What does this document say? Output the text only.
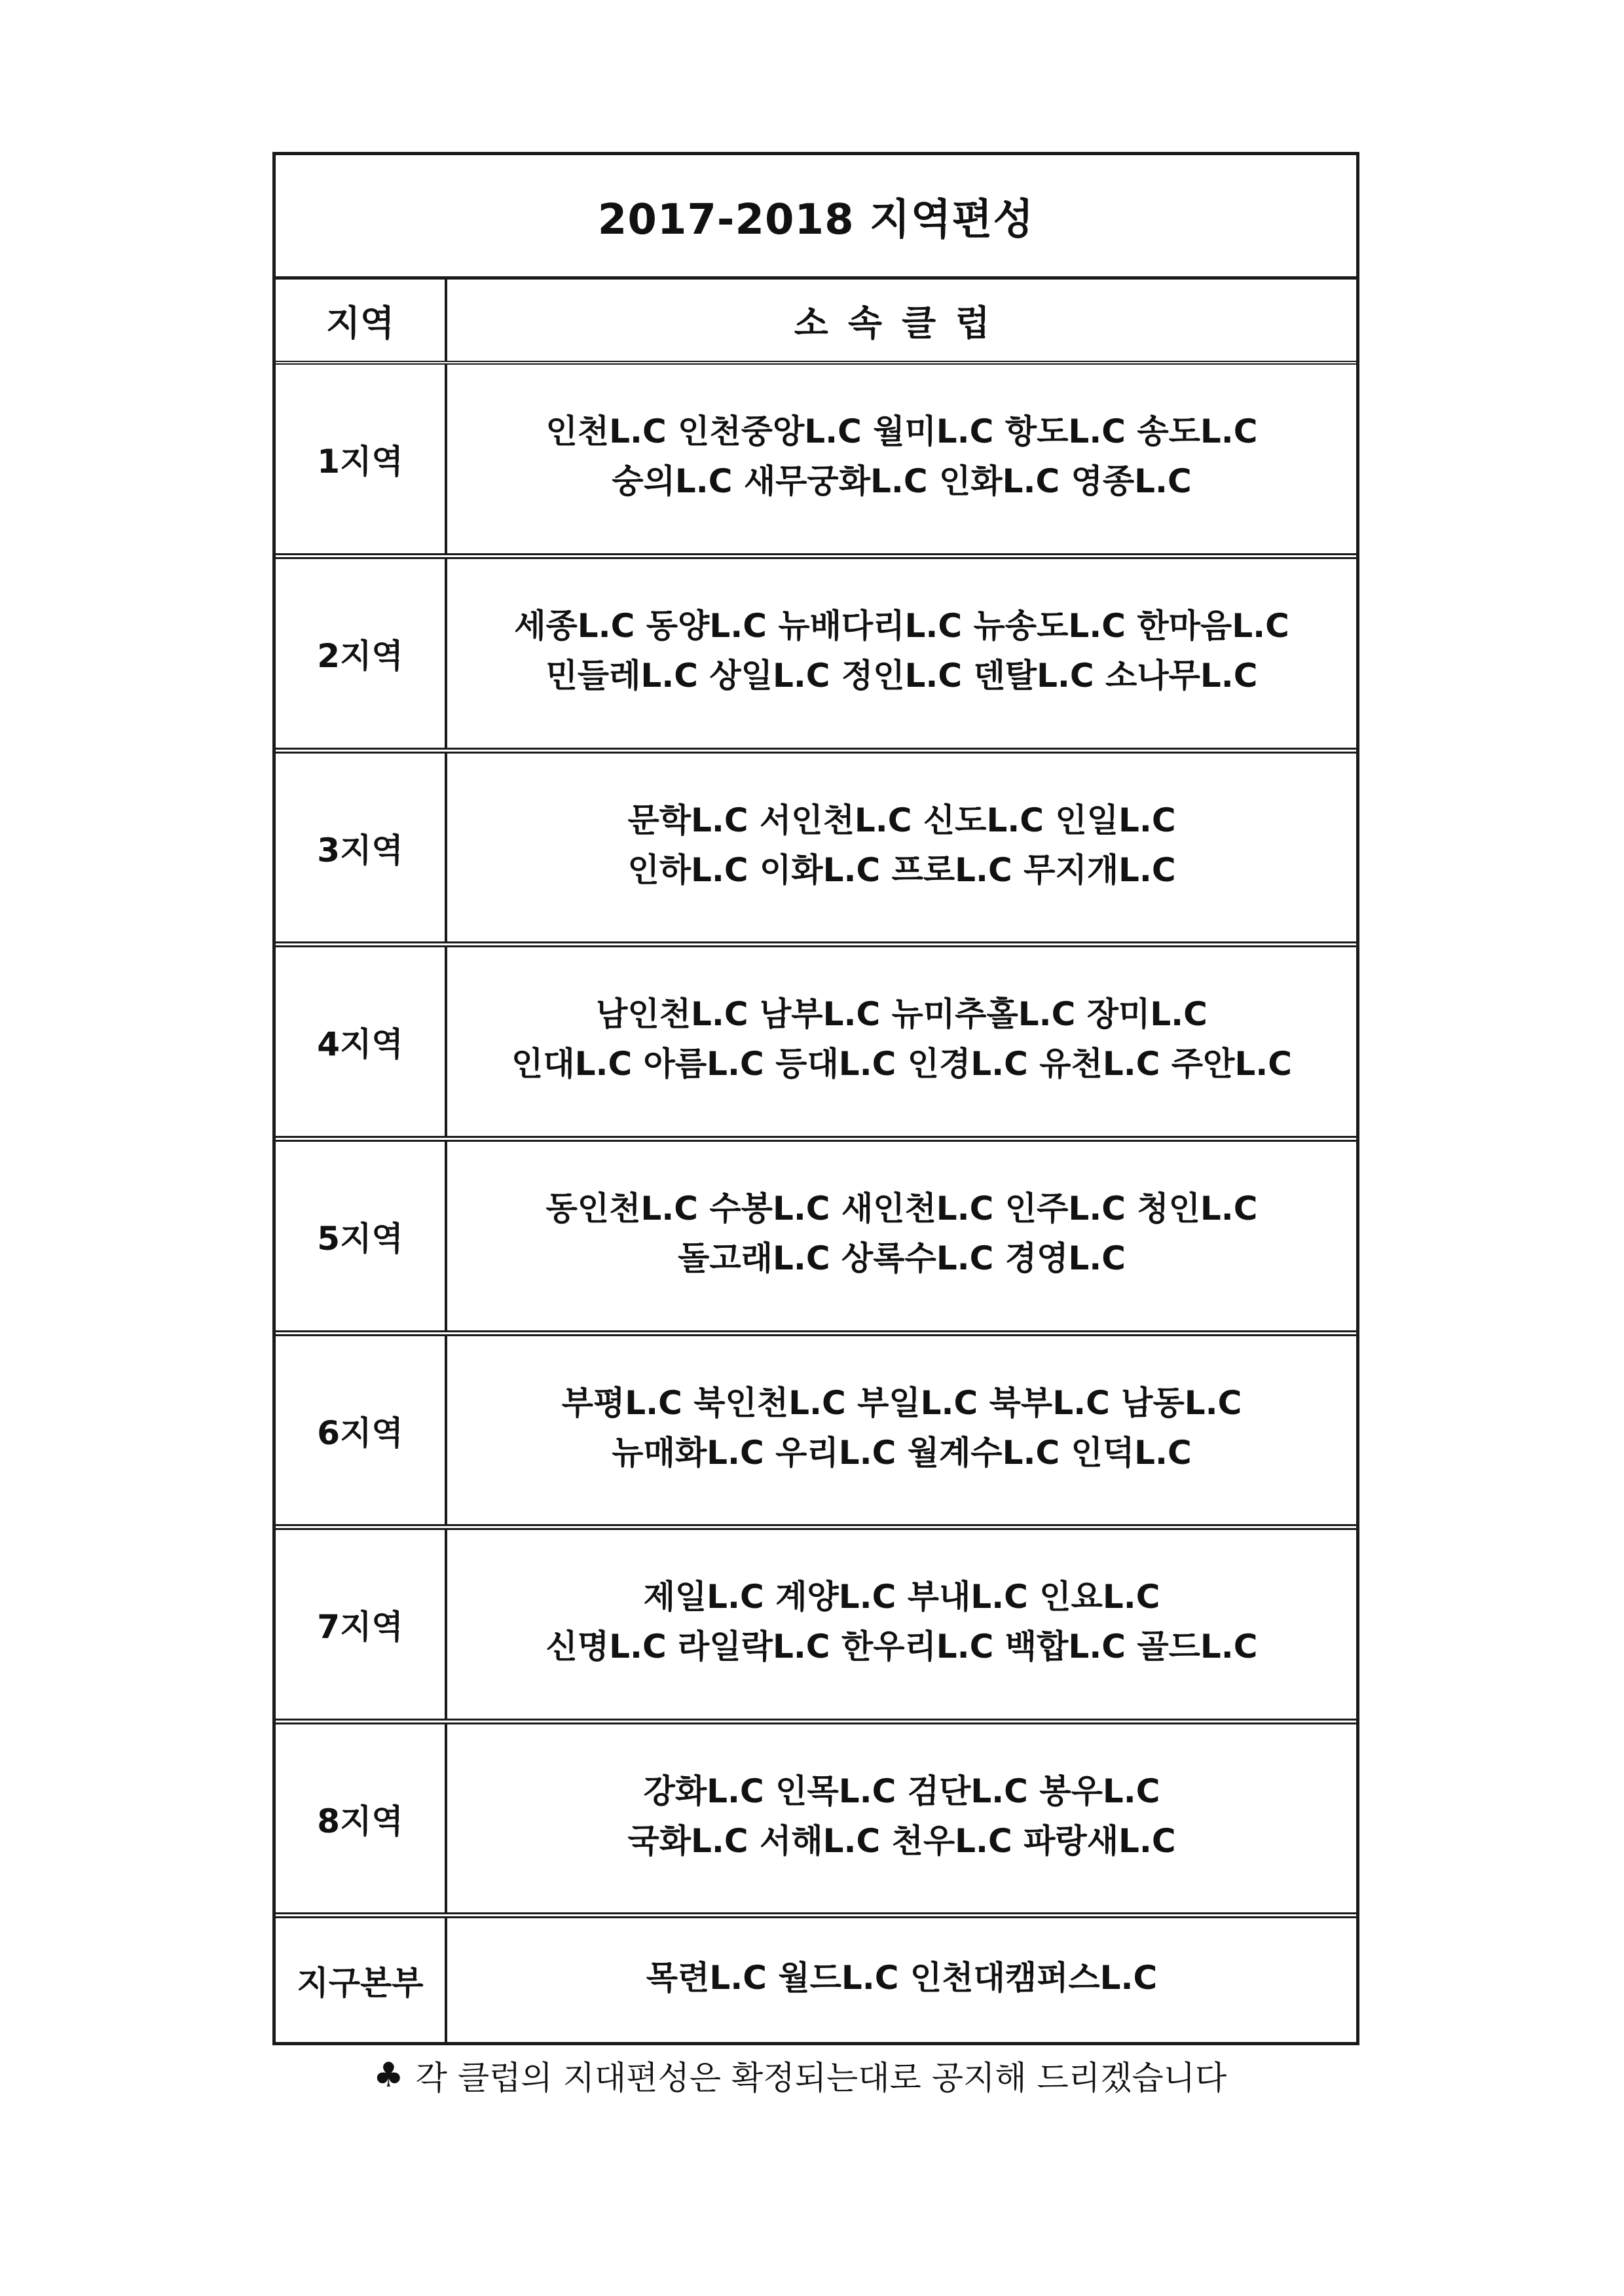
2017-2018 지역편성
지역	소속클럽
1지역
인천L.C 인천중앙L.C 월미L.C 항도L.C 송도L.C
숭의L.C 새무궁화L.C 인화L.C 영종L.C
2지역
세종L.C 동양L.C 뉴배다리L.C 뉴송도L.C 한마음L.C
민들레L.C 상일L.C 정인L.C 덴탈L.C 소나무L.C
3지역
문학L.C 서인천L.C 신도L.C 인일L.C
인하L.C 이화L.C 프로L.C 무지개L.C
4지역
남인천L.C 남부L.C 뉴미추홀L.C 장미L.C
인대L.C 아름L.C 등대L.C 인경L.C 유천L.C 주안L.C
5지역
동인천L.C 수봉L.C 새인천L.C 인주L.C 청인L.C
돌고래L.C 상록수L.C 경영L.C
6지역
부평L.C 북인천L.C 부일L.C 북부L.C 남동L.C
뉴매화L.C 우리L.C 월계수L.C 인덕L.C
7지역
제일L.C 계양L.C 부내L.C 인요L.C
신명L.C 라일락L.C 한우리L.C 백합L.C 골드L.C
8지역
강화L.C 인목L.C 검단L.C 봉우L.C
국화L.C 서해L.C 천우L.C 파랑새L.C
지구본부	목련L.C 월드L.C 인천대캠퍼스L.C
♣ 각 클럽의 지대편성은 확정되는대로 공지해 드리겠습니다
